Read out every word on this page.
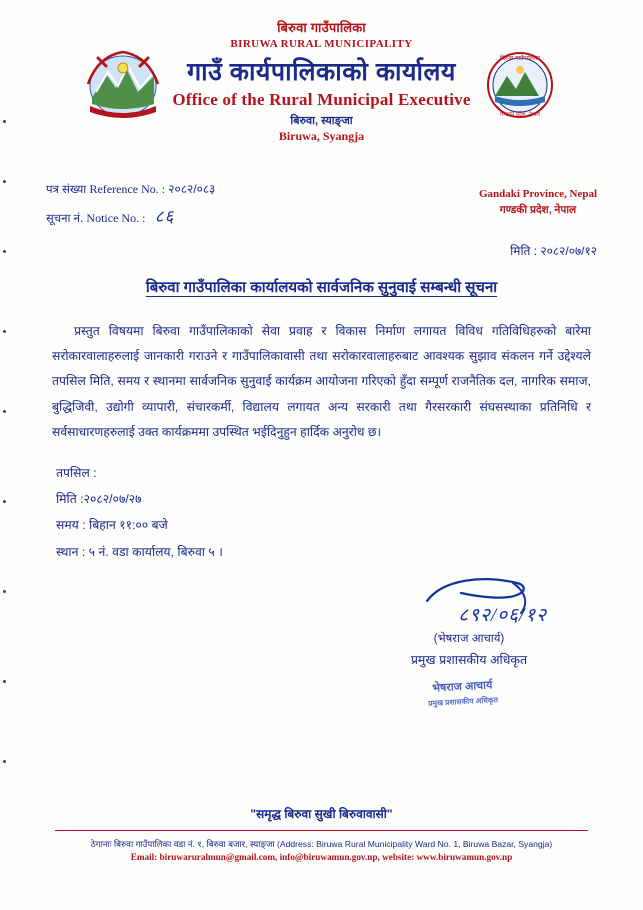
बिरुवा गाउँपालिका
गण्डकी प्रदेश, नेपाल

बिरुवा गाउँपालिका

BIRUWA RURAL MUNICIPALITY

गाउँ कार्यपालिकाको कार्यालय

Office of the Rural Municipal Executive

बिरुवा, स्याङ्जा

Biruwa, Syangja

पत्र संख्या Reference No. : २०८२/०८३
सूचना नं. Notice No. : ८६
Gandaki Province, Nepal
गण्डकी प्रदेश, नेपाल
मिति : २०८२/०७/१२
बिरुवा गाउँपालिका कार्यालयको सार्वजनिक सुनुवाई सम्बन्धी सूचना
प्रस्तुत विषयमा बिरुवा गाउँपालिकाको सेवा प्रवाह र विकास निर्माण लगायत विविध गतिविधिहरुको बारेमा सरोकारवालाहरुलाई जानकारी गराउने र गाउँपालिकावासी तथा सरोकारवालाहरुबाट आवश्यक सुझाव संकलन गर्ने उद्देश्यले तपसिल मिति, समय र स्थानमा सार्वजनिक सुनुवाई कार्यक्रम आयोजना गरिएको हुँदा सम्पूर्ण राजनैतिक दल, नागरिक समाज, बुद्धिजिवी, उद्योगी व्यापारी, संचारकर्मी, विद्यालय लगायत अन्य सरकारी तथा गैरसरकारी संघसस्थाका प्रतिनिधि र सर्वसाधारणहरुलाई उक्त कार्यक्रममा उपस्थित भईदिनुहुन हार्दिक अनुरोध छ।
तपसिल :
मिति :२०८२/०७/२७
समय : बिहान ११:०० बजे
स्थान : ५ नं. वडा कार्यालय, बिरुवा ५ ।
८९२/०६/१२
(भेषराज आचार्य)
प्रमुख प्रशासकीय अधिकृत
भेषराज आचार्य
प्रमुख प्रशासकीय अधिकृत
"समृद्ध बिरुवा सुखी बिरुवावासी"
ठेगानाः बिरुवा गाउँपालिका वडा नं. १, बिरुवा बजार, स्याङ्जा (Address: Biruwa Rural Municipality Ward No. 1, Biruwa Bazar, Syangja)
Email: biruwaruralmun@gmail.com, info@biruwamun.gov.np, website: www.biruwamun.gov.np
